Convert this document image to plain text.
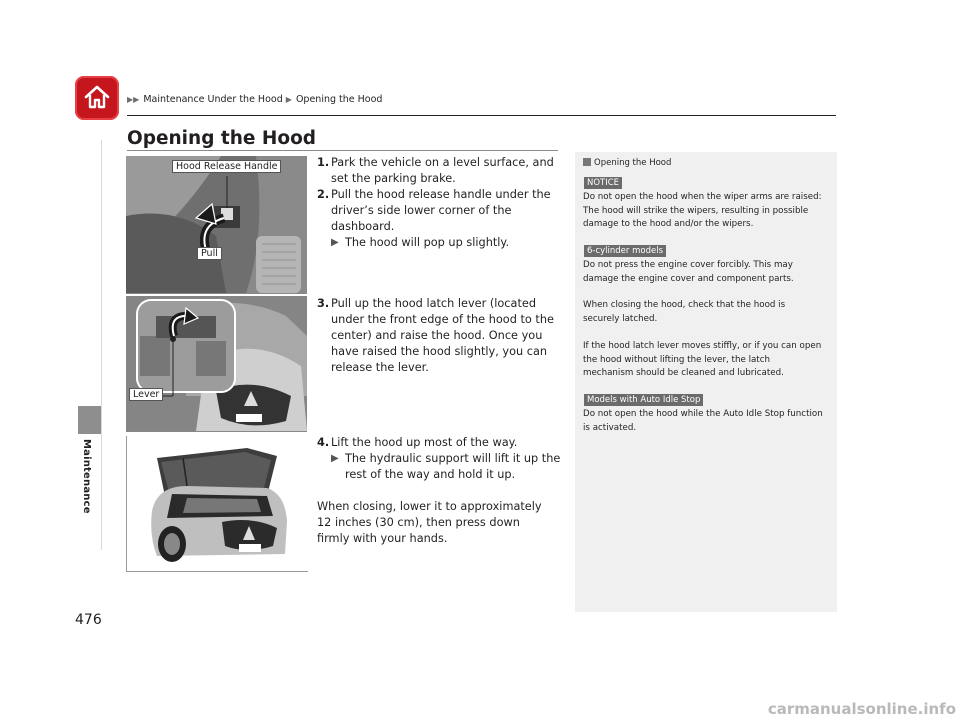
▶▶ Maintenance Under the Hood ▶ Opening the Hood
Maintenance
476
Opening the Hood
Hood Release Handle
Pull
Lever
1. Park the vehicle on a level surface, and set the parking brake.
2. Pull the hood release handle under the driver’s side lower corner of the dashboard.
▶ The hood will pop up slightly.
3. Pull up the hood latch lever (located under the front edge of the hood to the center) and raise the hood. Once you have raised the hood slightly, you can release the lever.
4. Lift the hood up most of the way.
▶ The hydraulic support will lift it up the rest of the way and hold it up.
When closing, lower it to approximately 12 inches (30 cm), then press down firmly with your hands.
Opening the Hood
NOTICE
Do not open the hood when the wiper arms are raised: The hood will strike the wipers, resulting in possible damage to the hood and/or the wipers.
6-cylinder models
Do not press the engine cover forcibly. This may damage the engine cover and component parts.
When closing the hood, check that the hood is securely latched.
If the hood latch lever moves stiffly, or if you can open the hood without lifting the lever, the latch mechanism should be cleaned and lubricated.
Models with Auto Idle Stop
Do not open the hood while the Auto Idle Stop function is activated.
carmanualsonline.info
